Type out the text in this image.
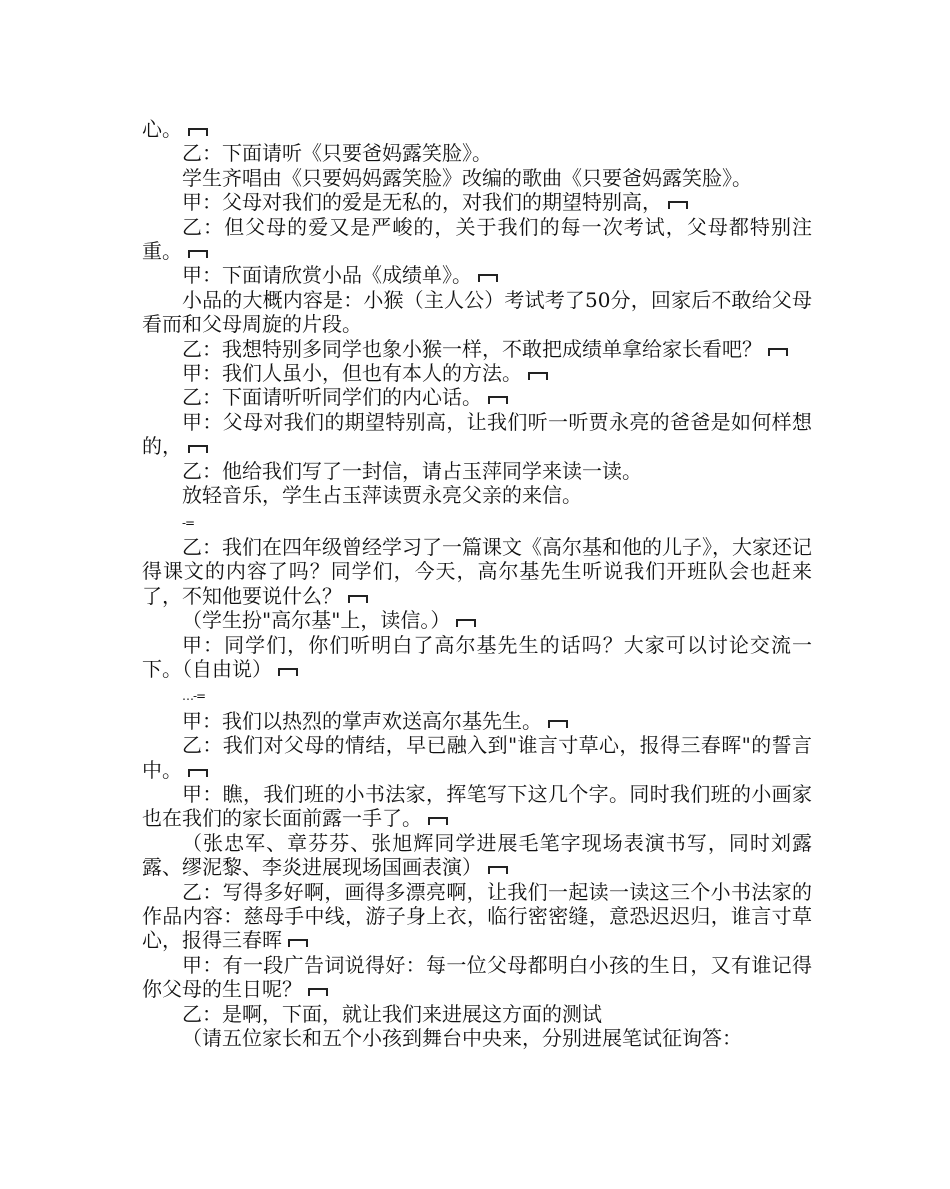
心。

乙：下面请听《只要爸妈露笑脸》。

学生齐唱由《只要妈妈露笑脸》改编的歌曲《只要爸妈露笑脸》。

甲：父母对我们的爱是无私的，对我们的期望特别高，

乙：但父母的爱又是严峻的，关于我们的每一次考试，父母都特别注重。

甲：下面请欣赏小品《成绩单》。

小品的大概内容是：小猴（主人公）考试考了50分，回家后不敢给父母看而和父母周旋的片段。

乙：我想特别多同学也象小猴一样，不敢把成绩单拿给家长看吧？

甲：我们人虽小，但也有本人的方法。

乙：下面请听听同学们的内心话。

甲：父母对我们的期望特别高，让我们听一听贾永亮的爸爸是如何样想的，

乙：他给我们写了一封信，请占玉萍同学来读一读。

放轻音乐，学生占玉萍读贾永亮父亲的来信。

-=

乙：我们在四年级曾经学习了一篇课文《高尔基和他的儿子》，大家还记得课文的内容了吗？同学们，今天，高尔基先生听说我们开班队会也赶来 了，不知他要说什么？

（学生扮"高尔基"上，读信。）

甲：同学们，你们听明白了高尔基先生的话吗？大家可以讨论交流一下。（自由说）

…-=

甲：我们以热烈的掌声欢送高尔基先生。

乙：我们对父母的情结，早已融入到"谁言寸草心，报得三春晖"的誓言中。

甲：瞧，我们班的小书法家，挥笔写下这几个字。同时我们班的小画家也在我们的家长面前露一手了。

（张忠军、章芬芬、张旭辉同学进展毛笔字现场表演书写，同时刘露露、缪泥黎、李炎进展现场国画表演）

乙：写得多好啊，画得多漂亮啊，让我们一起读一读这三个小书法家的作品内容：慈母手中线，游子身上衣，临行密密缝，意恐迟迟归，谁言寸草心，报得三春晖

甲：有一段广告词说得好：每一位父母都明白小孩的生日，又有谁记得你父母的生日呢？

乙：是啊，下面，就让我们来进展这方面的测试

（请五位家长和五个小孩到舞台中央来，分别进展笔试征询答：
